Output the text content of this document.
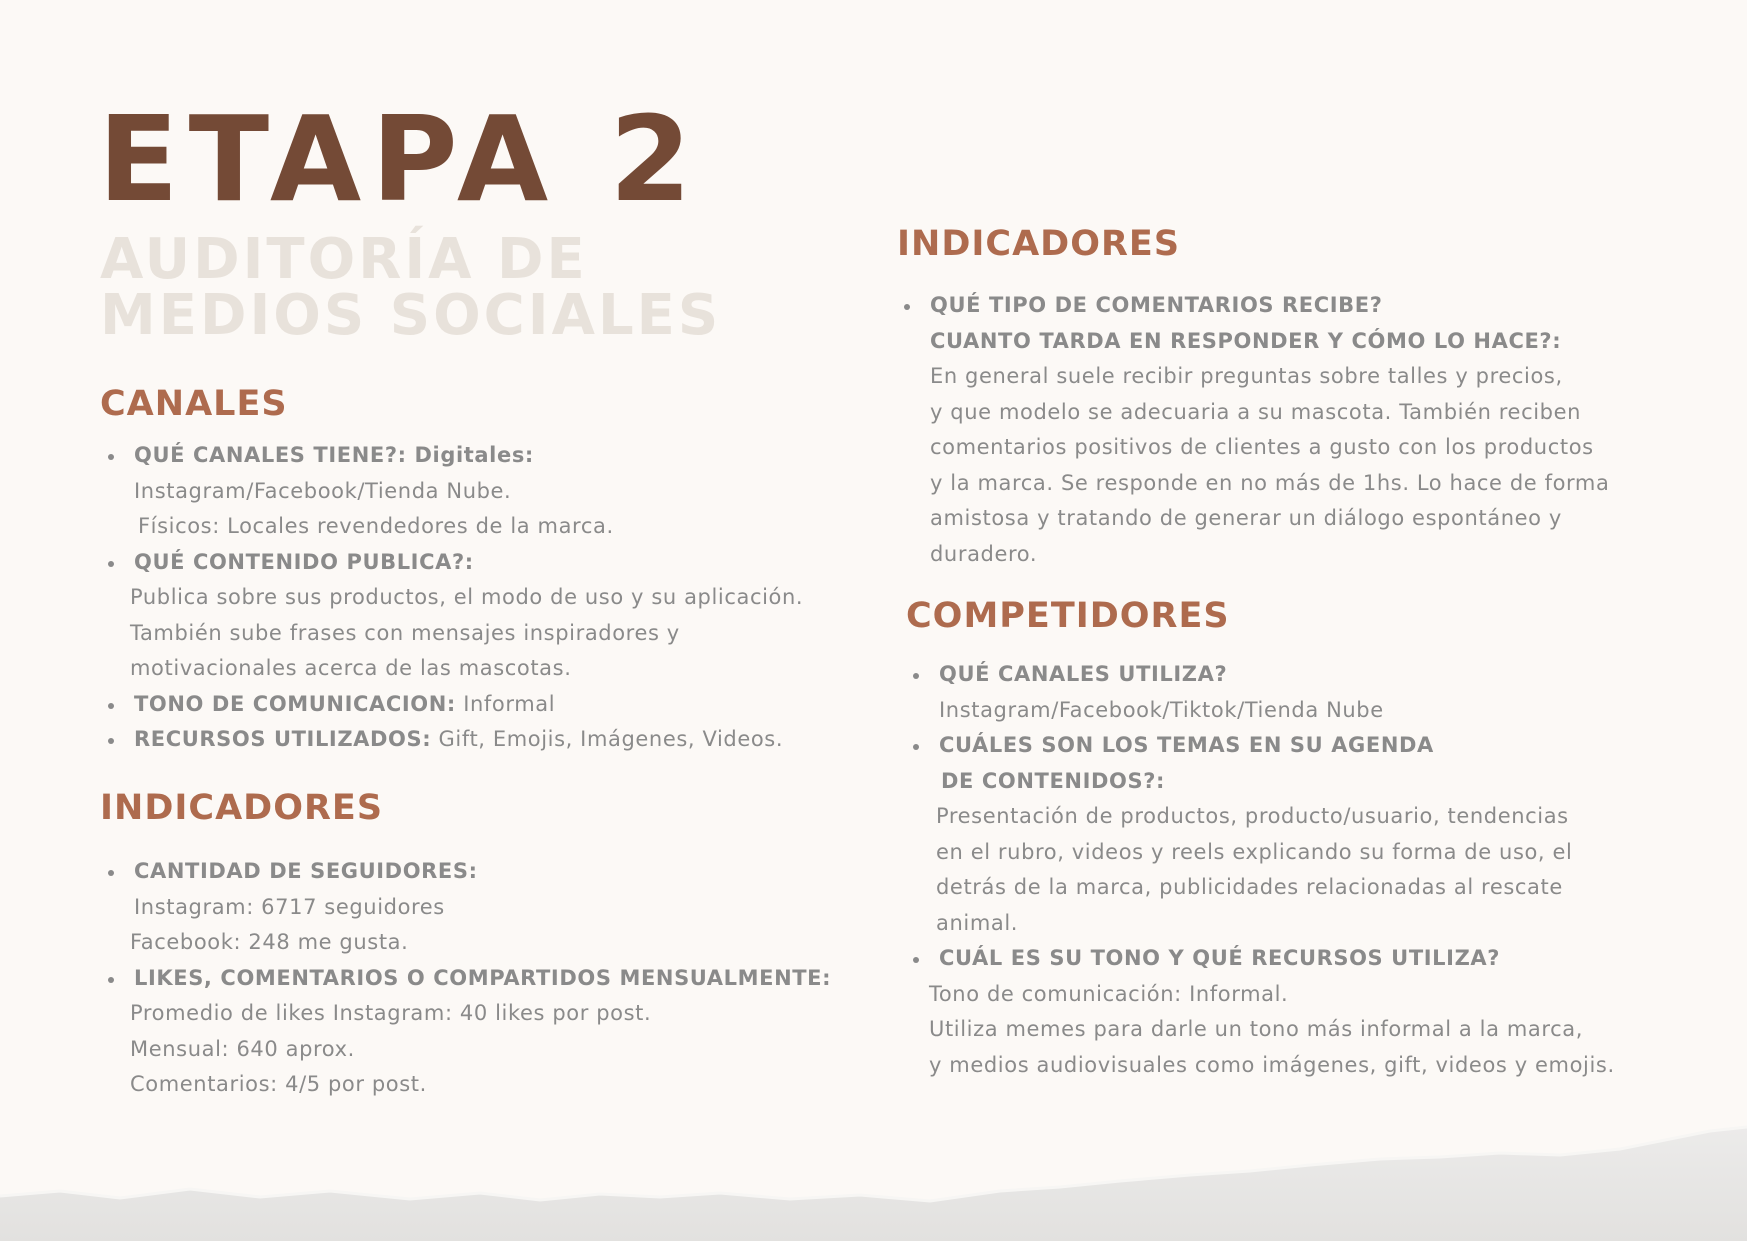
ETAPA 2
AUDITORÍA DE
MEDIOS SOCIALES
CANALES
QUÉ CANALES TIENE?: Digitales:
Instagram/Facebook/Tienda Nube.
Físicos: Locales revendedores de la marca.
QUÉ CONTENIDO PUBLICA?:
Publica sobre sus productos, el modo de uso y su aplicación.
También sube frases con mensajes inspiradores y
motivacionales acerca de las mascotas.
TONO DE COMUNICACION: Informal
RECURSOS UTILIZADOS: Gift, Emojis, Imágenes, Videos.
INDICADORES
CANTIDAD DE SEGUIDORES:
Instagram: 6717 seguidores
Facebook: 248 me gusta.
LIKES, COMENTARIOS O COMPARTIDOS MENSUALMENTE:
Promedio de likes Instagram: 40 likes por post.
Mensual: 640 aprox.
Comentarios: 4/5 por post.
INDICADORES
QUÉ TIPO DE COMENTARIOS RECIBE?
CUANTO TARDA EN RESPONDER Y CÓMO LO HACE?:
En general suele recibir preguntas sobre talles y precios,
y que modelo se adecuaria a su mascota. También reciben
comentarios positivos de clientes a gusto con los productos
y la marca. Se responde en no más de 1hs. Lo hace de forma
amistosa y tratando de generar un diálogo espontáneo y
duradero.
COMPETIDORES
QUÉ CANALES UTILIZA?
Instagram/Facebook/Tiktok/Tienda Nube
CUÁLES SON LOS TEMAS EN SU AGENDA
DE CONTENIDOS?:
Presentación de productos, producto/usuario, tendencias
en el rubro, videos y reels explicando su forma de uso, el
detrás de la marca, publicidades relacionadas al rescate
animal.
CUÁL ES SU TONO Y QUÉ RECURSOS UTILIZA?
Tono de comunicación: Informal.
Utiliza memes para darle un tono más informal a la marca,
y medios audiovisuales como imágenes, gift, videos y emojis.
